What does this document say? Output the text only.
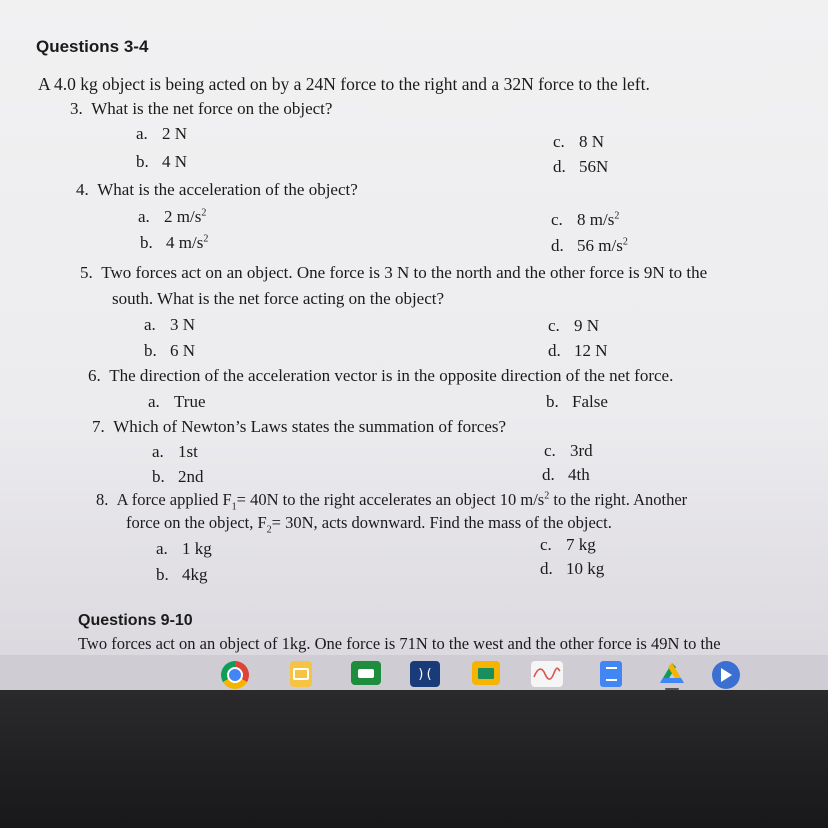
Questions 3-4
A 4.0 kg object is being acted on by a 24N force to the right and a 32N force to the left.
3. What is the net force on the object?
a. 2 N
b. 4 N
c. 8 N
d. 56N
4. What is the acceleration of the object?
a. 2 $m/s^2$
b. 4 $m/s^2$
c. 8 $m/s^2$
d. 56 $m/s^2$
5. Two forces act on an object. One force is 3 N to the north and the other force is 9N to the
south. What is the net force acting on the object?
a. 3 N
b. 6 N
c. 9 N
d. 12 N
6. The direction of the acceleration vector is in the opposite direction of the net force.
a. True	b. False
7. Which of Newton’s Laws states the summation of forces?
a. 1st
b. 2nd
c. 3rd
d. 4th
8. A force applied $F_1= 40N$ to the right accelerates an object 10 $m/s^2$ to the right. Another
force on the object, $F_2= 30N$, acts downward. Find the mass of the object.
a. 1 kg
b. 4kg
c. 7 kg
d. 10 kg
Questions 9-10
Two forces act on an object of 1kg. One force is 71N to the west and the other force is 49N to the
)(
